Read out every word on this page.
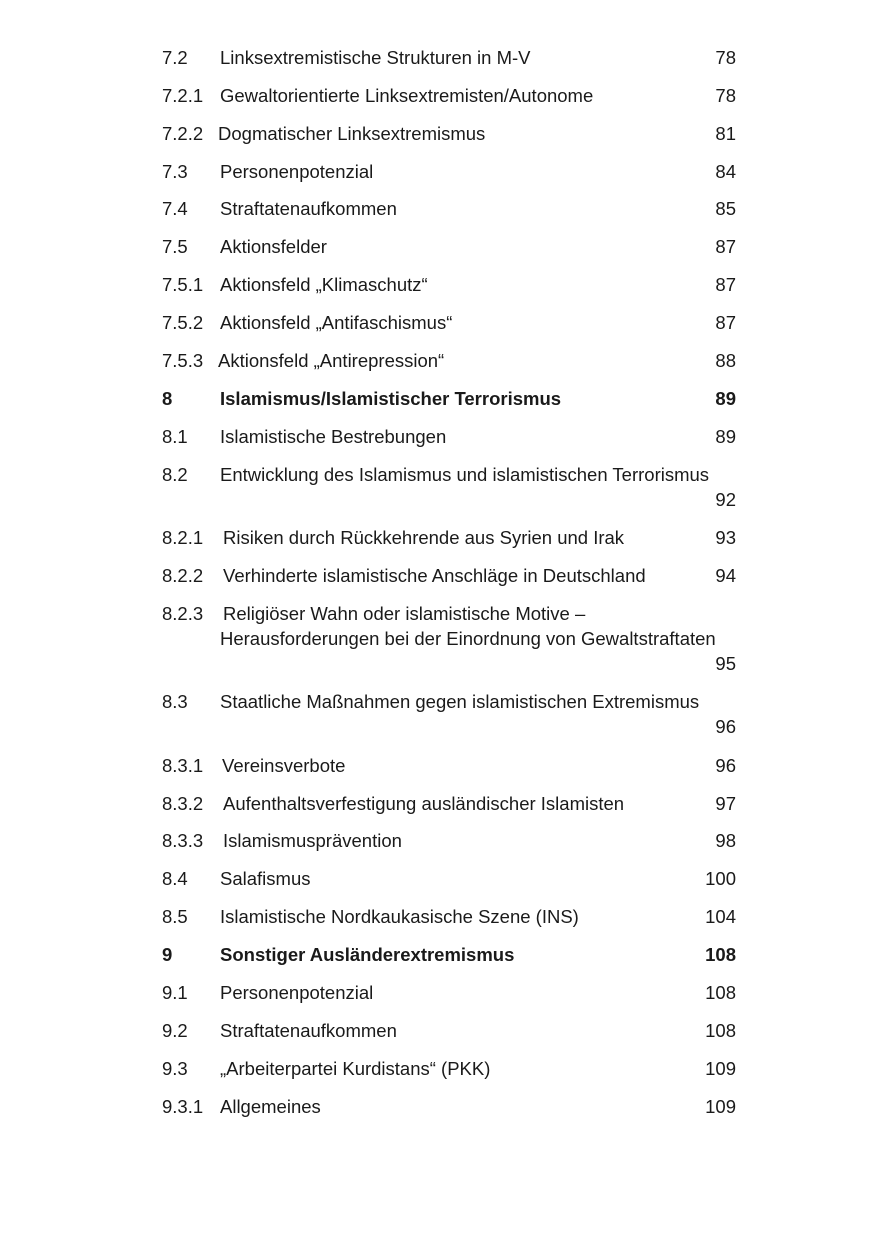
7.2 Linksextremistische Strukturen in M-V	78
7.2.1 Gewaltorientierte Linksextremisten/Autonome	78
7.2.2 Dogmatischer Linksextremismus	81
7.3 Personenpotenzial	84
7.4 Straftatenaufkommen	85
7.5 Aktionsfelder	87
7.5.1 Aktionsfeld „Klimaschutz“	87
7.5.2 Aktionsfeld „Antifaschismus“	87
7.5.3 Aktionsfeld „Antirepression“	88
8	Islamismus/Islamistischer Terrorismus	89
8.1 Islamistische Bestrebungen	89
8.2 Entwicklung des Islamismus und islamistischen Terrorismus
92
8.2.1 Risiken durch Rückkehrende aus Syrien und Irak	93
8.2.2 Verhinderte islamistische Anschläge in Deutschland	94
8.2.3 Religiöser Wahn oder islamistische Motive –
Herausforderungen bei der Einordnung von Gewaltstraftaten
95
8.3 Staatliche Maßnahmen gegen islamistischen Extremismus
96
8.3.1 Vereinsverbote	96
8.3.2 Aufenthaltsverfestigung ausländischer Islamisten	97
8.3.3 Islamismusprävention	98
8.4 Salafismus	100
8.5 Islamistische Nordkaukasische Szene (INS)	104
9	Sonstiger Ausländerextremismus	108
9.1 Personenpotenzial	108
9.2 Straftatenaufkommen	108
9.3 „Arbeiterpartei Kurdistans“ (PKK)	109
9.3.1 Allgemeines	109
